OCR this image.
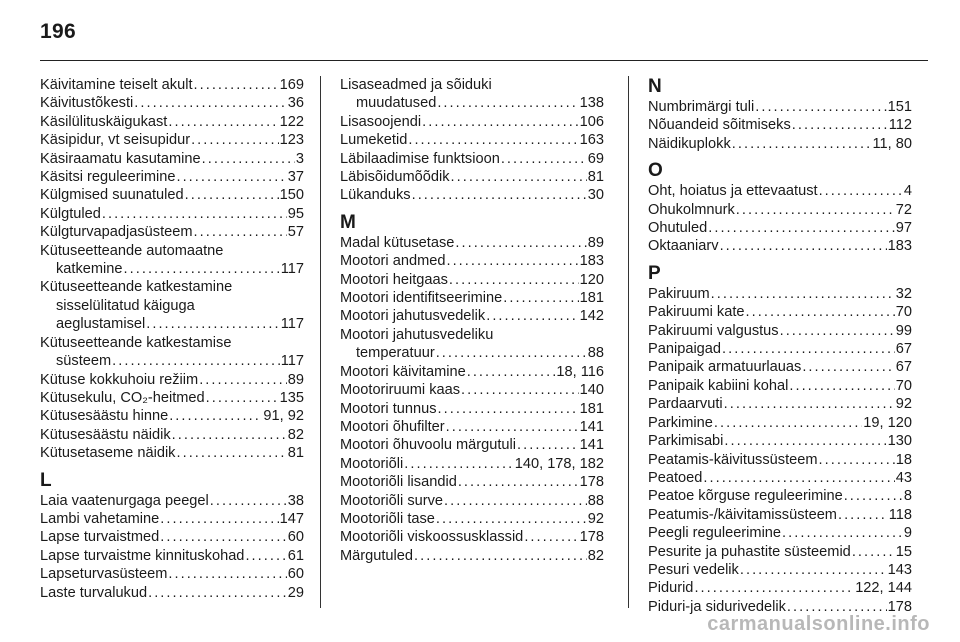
196
Käivitamine teiselt akult . . .	169
Käivitustõkesti . . .	36
Käsilülituskäigukast . . .	122
Käsipidur, vt seisupidur . . .	123
Käsiraamatu kasutamine . . .	3
Käsitsi reguleerimine . . .	37
Külgmised suunatuled . . .	150
Külgtuled . . .	95
Külgturvapadjasüsteem . . .	57
Kütuseetteande automaatne
katkemine . . .	117
Kütuseetteande katkestamine
sisselülitatud käiguga
aeglustamisel . . .	117
Kütuseetteande katkestamise
süsteem . . .	117
Kütuse kokkuhoiu režiim . . .	89
Kütusekulu, CO₂-heitmed . . .	135
Kütusesäästu hinne . . .	91, 92
Kütusesäästu näidik . . .	82
Kütusetaseme näidik . . .	81
L
Laia vaatenurgaga peegel . . .	38
Lambi vahetamine . . .	147
Lapse turvaistmed . . .	60
Lapse turvaistme kinnituskohad . . .	61
Lapseturvasüsteem . . .	60
Laste turvalukud . . .	29
Lisaseadmed ja sõiduki
muudatused . . .	138
Lisasoojendi . . .	106
Lumeketid . . .	163
Läbilaadimise funktsioon . . .	69
Läbisõidumõõdik . . .	81
Lükanduks . . .	30
M
Madal kütusetase . . .	89
Mootori andmed . . .	183
Mootori heitgaas . . .	120
Mootori identifitseerimine . . .	181
Mootori jahutusvedelik . . .	142
Mootori jahutusvedeliku
temperatuur . . .	88
Mootori käivitamine . . .	18, 116
Mootoriruumi kaas . . .	140
Mootori tunnus . . .	181
Mootori õhufilter . . .	141
Mootori õhuvoolu märgutuli . . .	141
Mootoriõli . . .	140, 178, 182
Mootoriõli lisandid . . .	178
Mootoriõli surve . . .	88
Mootoriõli tase . . .	92
Mootoriõli viskoossusklassid . . .	178
Märgutuled . . .	82
N
Numbrimärgi tuli . . .	151
Nõuandeid sõitmiseks . . .	112
Näidikuplokk . . .	11, 80
O
Oht, hoiatus ja ettevaatust . . .	4
Ohukolmnurk . . .	72
Ohutuled . . .	97
Oktaaniarv . . .	183
P
Pakiruum . . .	32
Pakiruumi kate . . .	70
Pakiruumi valgustus . . .	99
Panipaigad . . .	67
Panipaik armatuurlauas . . .	67
Panipaik kabiini kohal . . .	70
Pardaarvuti . . .	92
Parkimine . . .	19, 120
Parkimisabi . . .	130
Peatamis-käivitussüsteem . . .	18
Peatoed . . .	43
Peatoe kõrguse reguleerimine . . .	8
Peatumis-/käivitamissüsteem . . .	118
Peegli reguleerimine . . .	9
Pesurite ja puhastite süsteemid . . .	15
Pesuri vedelik . . .	143
Pidurid . . .	122, 144
Piduri-ja sidurivedelik . . .	178
carmanualsonline.info
